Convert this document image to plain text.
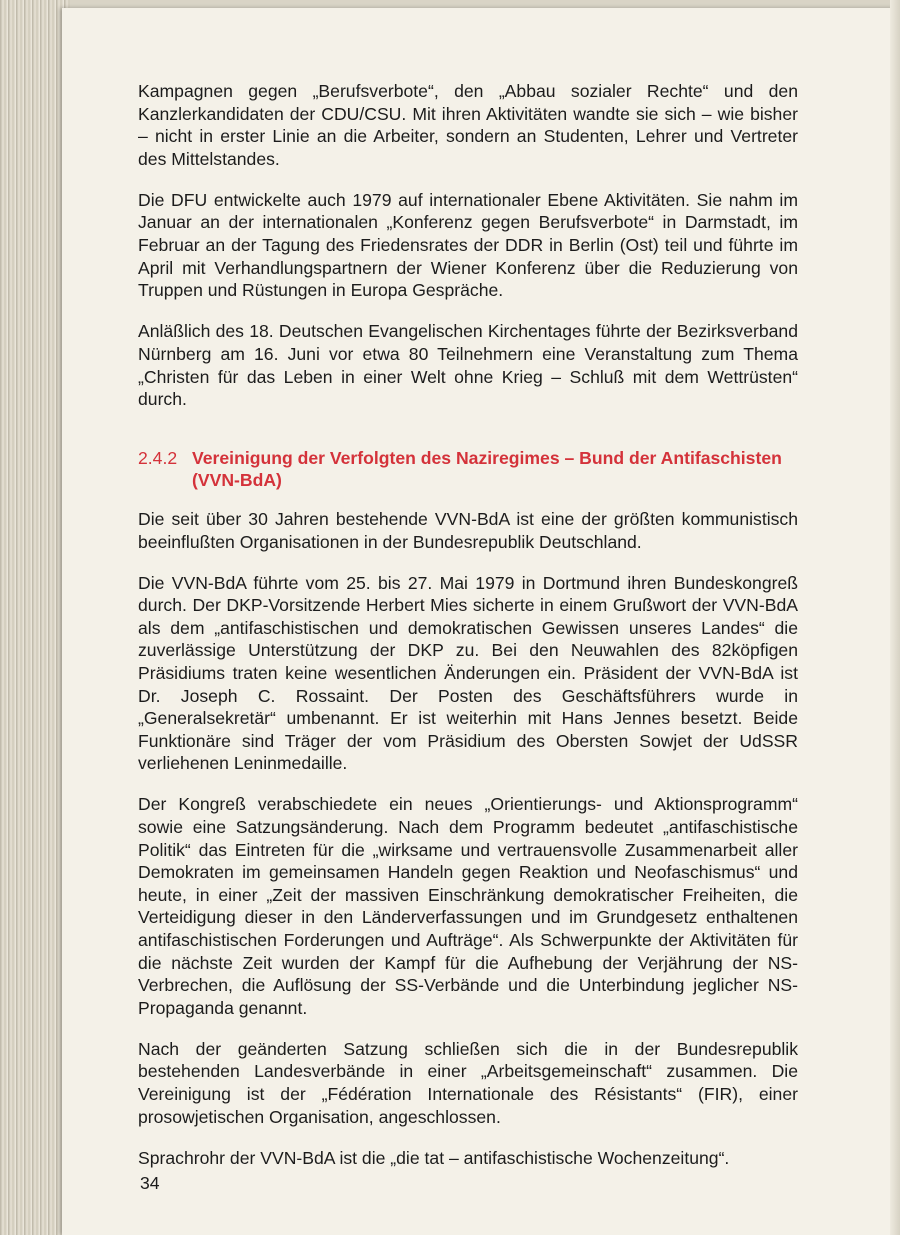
Kampagnen gegen „Berufsverbote“, den „Abbau sozialer Rechte“ und den Kanzlerkandidaten der CDU/CSU. Mit ihren Aktivitäten wandte sie sich – wie bisher – nicht in erster Linie an die Arbeiter, sondern an Studenten, Lehrer und Vertreter des Mittelstandes.

Die DFU entwickelte auch 1979 auf internationaler Ebene Aktivitäten. Sie nahm im Januar an der internationalen „Konferenz gegen Berufsverbote“ in Darmstadt, im Februar an der Tagung des Friedensrates der DDR in Berlin (Ost) teil und führte im April mit Verhandlungspartnern der Wiener Konferenz über die Reduzierung von Truppen und Rüstungen in Europa Gespräche.

Anläßlich des 18. Deutschen Evangelischen Kirchentages führte der Bezirksverband Nürnberg am 16. Juni vor etwa 80 Teilnehmern eine Veranstaltung zum Thema „Christen für das Leben in einer Welt ohne Krieg – Schluß mit dem Wettrüsten“ durch.

2.4.2 Vereinigung der Verfolgten des Naziregimes – Bund der Antifaschisten (VVN-BdA)

Die seit über 30 Jahren bestehende VVN-BdA ist eine der größten kommunistisch beeinflußten Organisationen in der Bundesrepublik Deutschland.

Die VVN-BdA führte vom 25. bis 27. Mai 1979 in Dortmund ihren Bundeskongreß durch. Der DKP-Vorsitzende Herbert Mies sicherte in einem Grußwort der VVN-BdA als dem „antifaschistischen und demokratischen Gewissen unseres Landes“ die zuverlässige Unterstützung der DKP zu. Bei den Neuwahlen des 82köpfigen Präsidiums traten keine wesentlichen Änderungen ein. Präsident der VVN-BdA ist Dr. Joseph C. Rossaint. Der Posten des Geschäftsführers wurde in „Generalsekretär“ umbenannt. Er ist weiterhin mit Hans Jennes besetzt. Beide Funktionäre sind Träger der vom Präsidium des Obersten Sowjet der UdSSR verliehenen Leninmedaille.

Der Kongreß verabschiedete ein neues „Orientierungs- und Aktionsprogramm“ sowie eine Satzungsänderung. Nach dem Programm bedeutet „antifaschistische Politik“ das Eintreten für die „wirksame und vertrauensvolle Zusammenarbeit aller Demokraten im gemeinsamen Handeln gegen Reaktion und Neofaschismus“ und heute, in einer „Zeit der massiven Einschränkung demokratischer Freiheiten, die Verteidigung dieser in den Länderverfassungen und im Grundgesetz enthaltenen antifaschistischen Forderungen und Aufträge“. Als Schwerpunkte der Aktivitäten für die nächste Zeit wurden der Kampf für die Aufhebung der Verjährung der NS-Verbrechen, die Auflösung der SS-Verbände und die Unterbindung jeglicher NS-Propaganda genannt.

Nach der geänderten Satzung schließen sich die in der Bundesrepublik bestehenden Landesverbände in einer „Arbeitsgemeinschaft“ zusammen. Die Vereinigung ist der „Fédération Internationale des Résistants“ (FIR), einer prosowjetischen Organisation, angeschlossen.

Sprachrohr der VVN-BdA ist die „die tat – antifaschistische Wochenzeitung“.

34
